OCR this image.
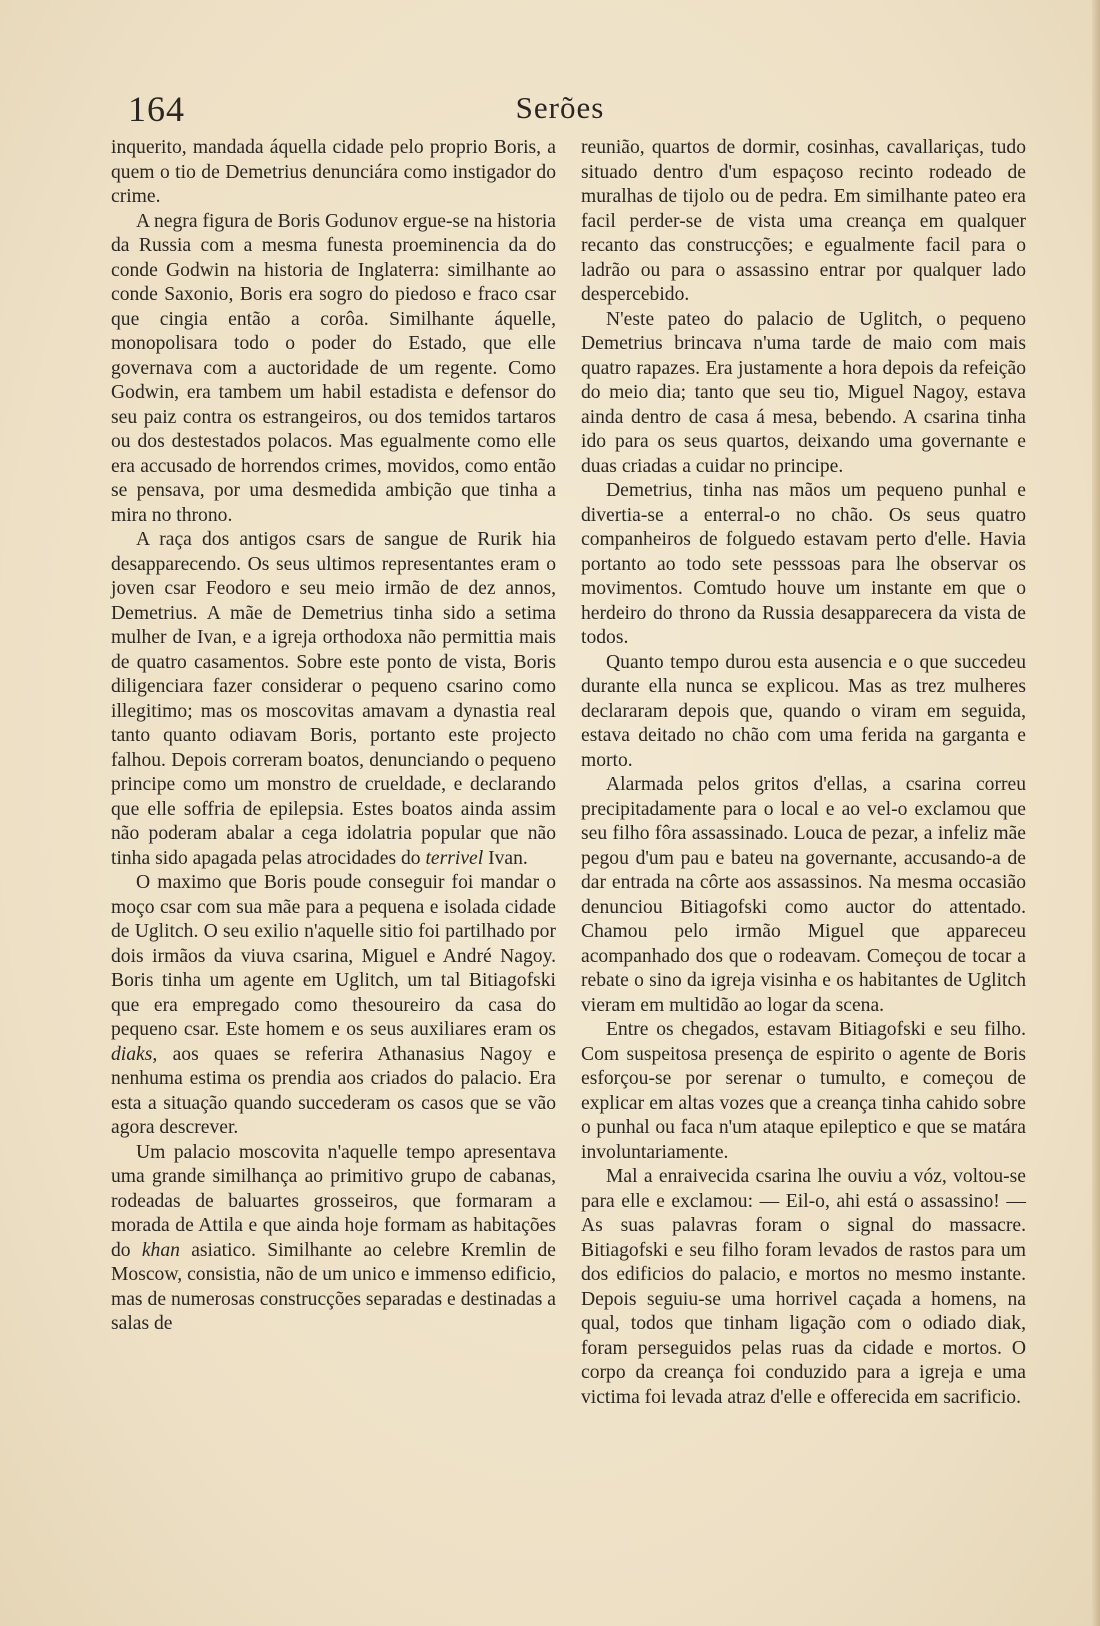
164	Serões

inquerito, mandada áquella cidade pelo proprio Boris, a quem o tio de Demetrius denunciára como instigador do crime.

A negra figura de Boris Godunov ergue-se na historia da Russia com a mesma funesta proeminencia da do conde Godwin na historia de Inglaterra: similhante ao conde Saxonio, Boris era sogro do piedoso e fraco csar que cingia então a corôa. Similhante áquelle, monopolisara todo o poder do Estado, que elle governava com a auctoridade de um regente. Como Godwin, era tambem um habil estadista e defensor do seu paiz contra os estrangeiros, ou dos temidos tartaros ou dos destestados polacos. Mas egualmente como elle era accusado de horrendos crimes, movidos, como então se pensava, por uma desmedida ambição que tinha a mira no throno.

A raça dos antigos csars de sangue de Rurik hia desapparecendo. Os seus ultimos representantes eram o joven csar Feodoro e seu meio irmão de dez annos, Demetrius. A mãe de Demetrius tinha sido a setima mulher de Ivan, e a igreja orthodoxa não permittia mais de quatro casamentos. Sobre este ponto de vista, Boris diligenciara fazer considerar o pequeno csarino como illegitimo; mas os moscovitas amavam a dynastia real tanto quanto odiavam Boris, portanto este projecto falhou. Depois correram boatos, denunciando o pequeno principe como um monstro de crueldade, e declarando que elle soffria de epilepsia. Estes boatos ainda assim não poderam abalar a cega idolatria popular que não tinha sido apagada pelas atrocidades do terrivel Ivan.

O maximo que Boris poude conseguir foi mandar o moço csar com sua mãe para a pequena e isolada cidade de Uglitch. O seu exilio n'aquelle sitio foi partilhado por dois irmãos da viuva csarina, Miguel e André Nagoy. Boris tinha um agente em Uglitch, um tal Bitiagofski que era empregado como thesoureiro da casa do pequeno csar. Este homem e os seus auxiliares eram os diaks, aos quaes se referira Athanasius Nagoy e nenhuma estima os prendia aos criados do palacio. Era esta a situação quando succederam os casos que se vão agora descrever.

Um palacio moscovita n'aquelle tempo apresentava uma grande similhança ao primitivo grupo de cabanas, rodeadas de baluartes grosseiros, que formaram a morada de Attila e que ainda hoje formam as habitações do khan asiatico. Similhante ao celebre Kremlin de Moscow, consistia, não de um unico e immenso edificio, mas de numerosas construcções separadas e destinadas a salas de

reunião, quartos de dormir, cosinhas, cavallariças, tudo situado dentro d'um espaçoso recinto rodeado de muralhas de tijolo ou de pedra. Em similhante pateo era facil perder-se de vista uma creança em qualquer recanto das construcções; e egualmente facil para o ladrão ou para o assassino entrar por qualquer lado despercebido.

N'este pateo do palacio de Uglitch, o pequeno Demetrius brincava n'uma tarde de maio com mais quatro rapazes. Era justamente a hora depois da refeição do meio dia; tanto que seu tio, Miguel Nagoy, estava ainda dentro de casa á mesa, bebendo. A csarina tinha ido para os seus quartos, deixando uma governante e duas criadas a cuidar no principe.

Demetrius, tinha nas mãos um pequeno punhal e divertia-se a enterral-o no chão. Os seus quatro companheiros de folguedo estavam perto d'elle. Havia portanto ao todo sete pesssoas para lhe observar os movimentos. Comtudo houve um instante em que o herdeiro do throno da Russia desapparecera da vista de todos.

Quanto tempo durou esta ausencia e o que succedeu durante ella nunca se explicou. Mas as trez mulheres declararam depois que, quando o viram em seguida, estava deitado no chão com uma ferida na garganta e morto.

Alarmada pelos gritos d'ellas, a csarina correu precipitadamente para o local e ao vel-o exclamou que seu filho fôra assassinado. Louca de pezar, a infeliz mãe pegou d'um pau e bateu na governante, accusando-a de dar entrada na côrte aos assassinos. Na mesma occasião denunciou Bitiagofski como auctor do attentado. Chamou pelo irmão Miguel que appareceu acompanhado dos que o rodeavam. Começou de tocar a rebate o sino da igreja visinha e os habitantes de Uglitch vieram em multidão ao logar da scena.

Entre os chegados, estavam Bitiagofski e seu filho. Com suspeitosa presença de espirito o agente de Boris esforçou-se por serenar o tumulto, e começou de explicar em altas vozes que a creança tinha cahido sobre o punhal ou faca n'um ataque epileptico e que se matára involuntariamente.

Mal a enraivecida csarina lhe ouviu a vóz, voltou-se para elle e exclamou: — Eil-o, ahi está o assassino! — As suas palavras foram o signal do massacre. Bitiagofski e seu filho foram levados de rastos para um dos edificios do palacio, e mortos no mesmo instante. Depois seguiu-se uma horrivel caçada a homens, na qual, todos que tinham ligação com o odiado diak, foram perseguidos pelas ruas da cidade e mortos. O corpo da creança foi conduzido para a igreja e uma victima foi levada atraz d'elle e offerecida em sacrificio.
